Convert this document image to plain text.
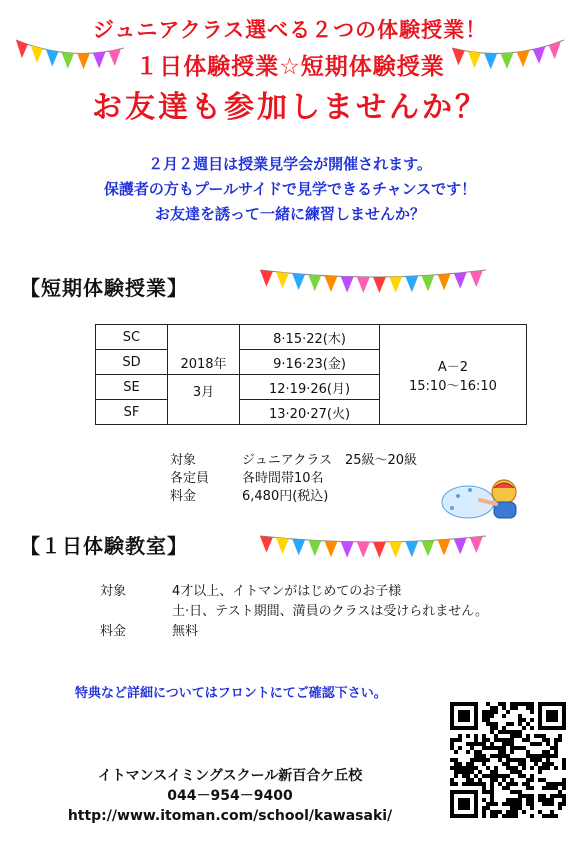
ジュニアクラス選べる２つの体験授業！
１日体験授業☆短期体験授業
お友達も参加しませんか？
２月２週目は授業見学会が開催されます。
保護者の方もプールサイドで見学できるチャンスです！
お友達を誘って一緒に練習しませんか？
【短期体験授業】
SC	2018年	8·15·22(木)	A－2
15:10〜16:10

SD		9·16·23(金)	
SE	3月	12·19·26(月)	
SF		13·20·27(火)	
対象	ジュニアクラス　25級〜20級
各定員	各時間帯10名
料金	6,480円(税込)
【１日体験教室】
対象	4才以上、イトマンがはじめてのお子様
土·日、テスト期間、満員のクラスは受けられません。
料金	無料
特典など詳細についてはフロントにてご確認下さい。
イトマンスイミングスクール新百合ケ丘校
044－954－9400
http://www.itoman.com/school/kawasaki/
